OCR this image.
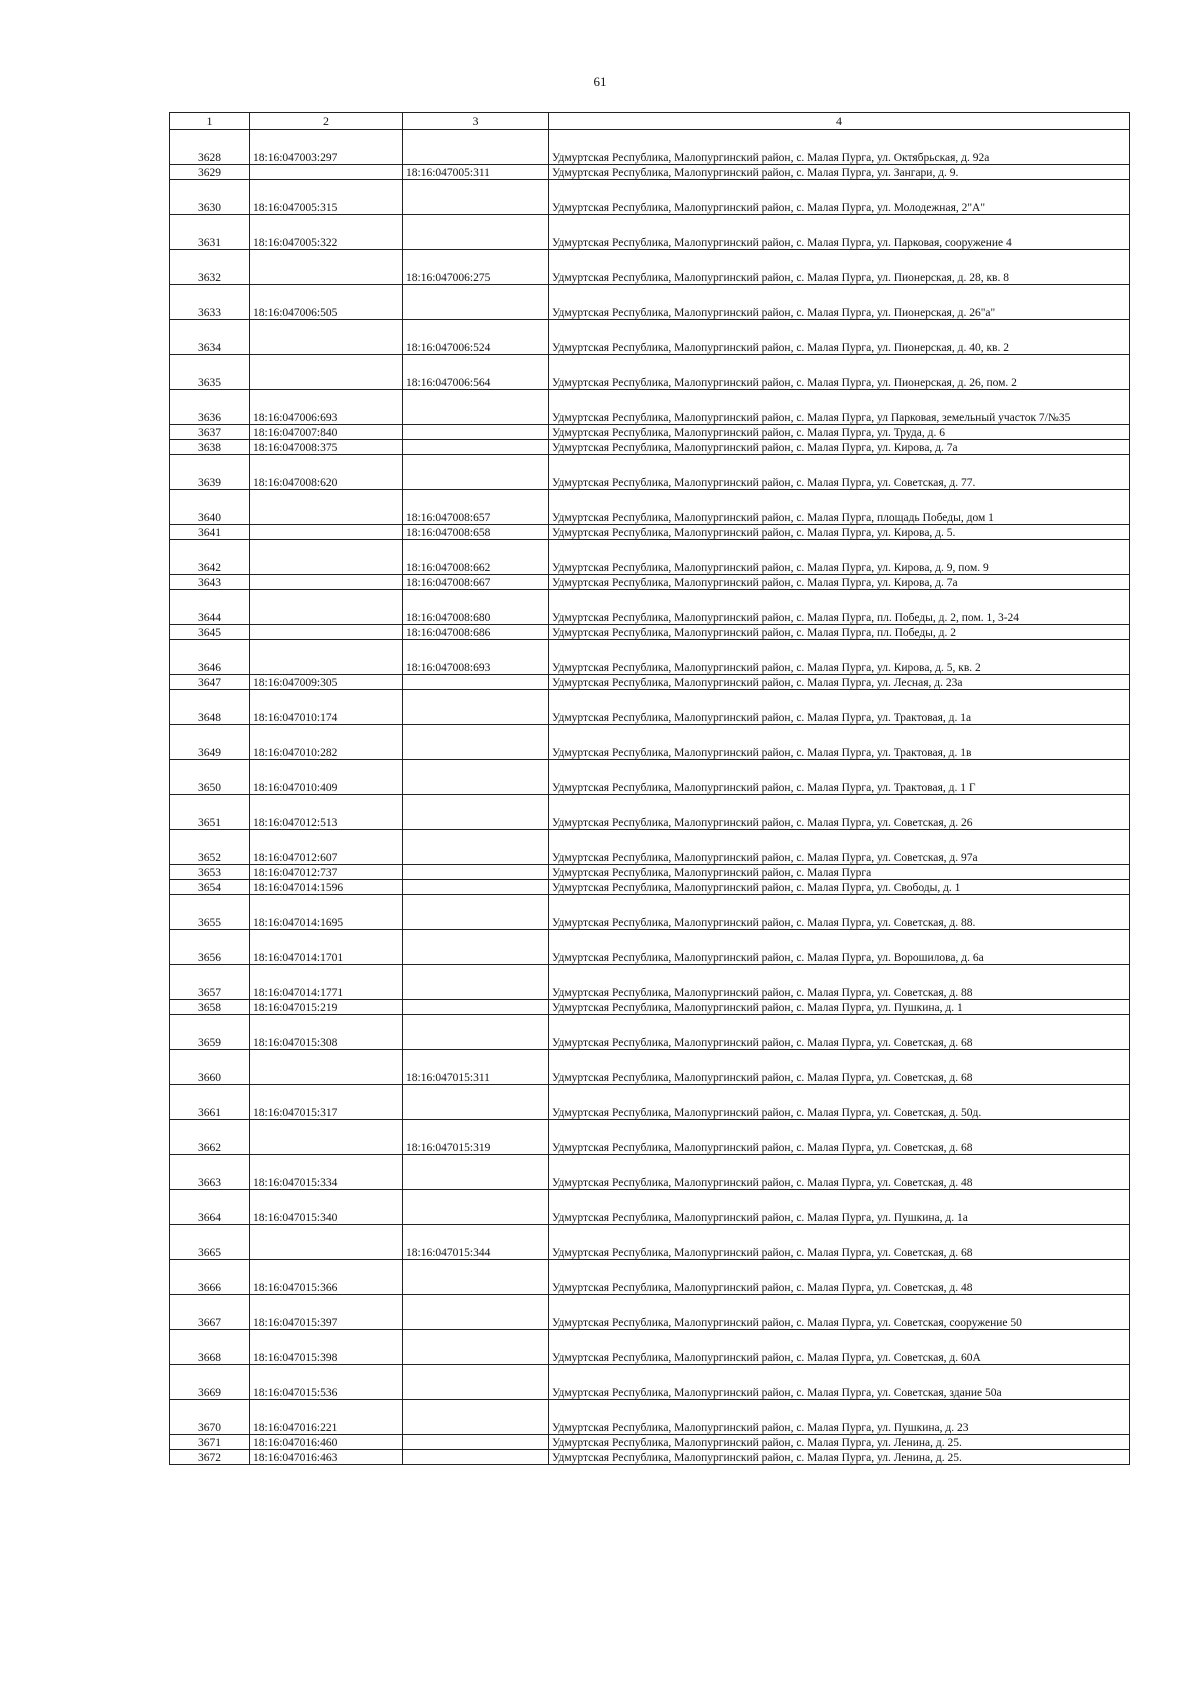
61
1	2	3	4
3628	18:16:047003:297		Удмуртская Республика, Малопургинский район, с. Малая Пурга, ул. Октябрьская, д. 92а
3629		18:16:047005:311	Удмуртская Республика, Малопургинский район, с. Малая Пурга, ул. Зангари, д. 9.
3630	18:16:047005:315		Удмуртская Республика, Малопургинский район, с. Малая Пурга, ул. Молодежная, 2"А"
3631	18:16:047005:322		Удмуртская Республика, Малопургинский район, с. Малая Пурга, ул. Парковая, сооружение 4
3632		18:16:047006:275	Удмуртская Республика, Малопургинский район, с. Малая Пурга, ул. Пионерская, д. 28, кв. 8
3633	18:16:047006:505		Удмуртская Республика, Малопургинский район, с. Малая Пурга, ул. Пионерская, д. 26"а"
3634		18:16:047006:524	Удмуртская Республика, Малопургинский район, с. Малая Пурга, ул. Пионерская, д. 40, кв. 2
3635		18:16:047006:564	Удмуртская Республика, Малопургинский район, с. Малая Пурга, ул. Пионерская, д. 26, пом. 2
3636	18:16:047006:693		Удмуртская Республика, Малопургинский район, с. Малая Пурга, ул Парковая, земельный участок 7/№35
3637	18:16:047007:840		Удмуртская Республика, Малопургинский район, с. Малая Пурга, ул. Труда, д. 6
3638	18:16:047008:375		Удмуртская Республика, Малопургинский район, с. Малая Пурга, ул. Кирова, д. 7а
3639	18:16:047008:620		Удмуртская Республика, Малопургинский район, с. Малая Пурга, ул. Советская, д. 77.
3640		18:16:047008:657	Удмуртская Республика, Малопургинский район, с. Малая Пурга, площадь Победы, дом 1
3641		18:16:047008:658	Удмуртская Республика, Малопургинский район, с. Малая Пурга, ул. Кирова, д. 5.
3642		18:16:047008:662	Удмуртская Республика, Малопургинский район, с. Малая Пурга, ул. Кирова, д. 9, пом. 9
3643		18:16:047008:667	Удмуртская Республика, Малопургинский район, с. Малая Пурга, ул. Кирова, д. 7а
3644		18:16:047008:680	Удмуртская Республика, Малопургинский район, с. Малая Пурга, пл. Победы, д. 2, пом. 1, 3-24
3645		18:16:047008:686	Удмуртская Республика, Малопургинский район, с. Малая Пурга, пл. Победы, д. 2
3646		18:16:047008:693	Удмуртская Республика, Малопургинский район, с. Малая Пурга, ул. Кирова, д. 5, кв. 2
3647	18:16:047009:305		Удмуртская Республика, Малопургинский район, с. Малая Пурга, ул. Лесная, д. 23а
3648	18:16:047010:174		Удмуртская Республика, Малопургинский район, с. Малая Пурга, ул. Трактовая, д. 1а
3649	18:16:047010:282		Удмуртская Республика, Малопургинский район, с. Малая Пурга, ул. Трактовая, д. 1в
3650	18:16:047010:409		Удмуртская Республика, Малопургинский район, с. Малая Пурга, ул. Трактовая, д. 1 Г
3651	18:16:047012:513		Удмуртская Республика, Малопургинский район, с. Малая Пурга, ул. Советская, д. 26
3652	18:16:047012:607		Удмуртская Республика, Малопургинский район, с. Малая Пурга, ул. Советская, д. 97а
3653	18:16:047012:737		Удмуртская Республика, Малопургинский район, с. Малая Пурга
3654	18:16:047014:1596		Удмуртская Республика, Малопургинский район, с. Малая Пурга, ул. Свободы, д. 1
3655	18:16:047014:1695		Удмуртская Республика, Малопургинский район, с. Малая Пурга, ул. Советская, д. 88.
3656	18:16:047014:1701		Удмуртская Республика, Малопургинский район, с. Малая Пурга, ул. Ворошилова, д. 6а
3657	18:16:047014:1771		Удмуртская Республика, Малопургинский район, с. Малая Пурга, ул. Советская, д. 88
3658	18:16:047015:219		Удмуртская Республика, Малопургинский район, с. Малая Пурга, ул. Пушкина, д. 1
3659	18:16:047015:308		Удмуртская Республика, Малопургинский район, с. Малая Пурга, ул. Советская, д. 68
3660		18:16:047015:311	Удмуртская Республика, Малопургинский район, с. Малая Пурга, ул. Советская, д. 68
3661	18:16:047015:317		Удмуртская Республика, Малопургинский район, с. Малая Пурга, ул. Советская, д. 50д.
3662		18:16:047015:319	Удмуртская Республика, Малопургинский район, с. Малая Пурга, ул. Советская, д. 68
3663	18:16:047015:334		Удмуртская Республика, Малопургинский район, с. Малая Пурга, ул. Советская, д. 48
3664	18:16:047015:340		Удмуртская Республика, Малопургинский район, с. Малая Пурга, ул. Пушкина, д. 1а
3665		18:16:047015:344	Удмуртская Республика, Малопургинский район, с. Малая Пурга, ул. Советская, д. 68
3666	18:16:047015:366		Удмуртская Республика, Малопургинский район, с. Малая Пурга, ул. Советская, д. 48
3667	18:16:047015:397		Удмуртская Республика, Малопургинский район, с. Малая Пурга, ул. Советская, сооружение 50
3668	18:16:047015:398		Удмуртская Республика, Малопургинский район, с. Малая Пурга, ул. Советская, д. 60А
3669	18:16:047015:536		Удмуртская Республика, Малопургинский район, с. Малая Пурга, ул. Советская, здание 50а
3670	18:16:047016:221		Удмуртская Республика, Малопургинский район, с. Малая Пурга, ул. Пушкина, д. 23
3671	18:16:047016:460		Удмуртская Республика, Малопургинский район, с. Малая Пурга, ул. Ленина, д. 25.
3672	18:16:047016:463		Удмуртская Республика, Малопургинский район, с. Малая Пурга, ул. Ленина, д. 25.
